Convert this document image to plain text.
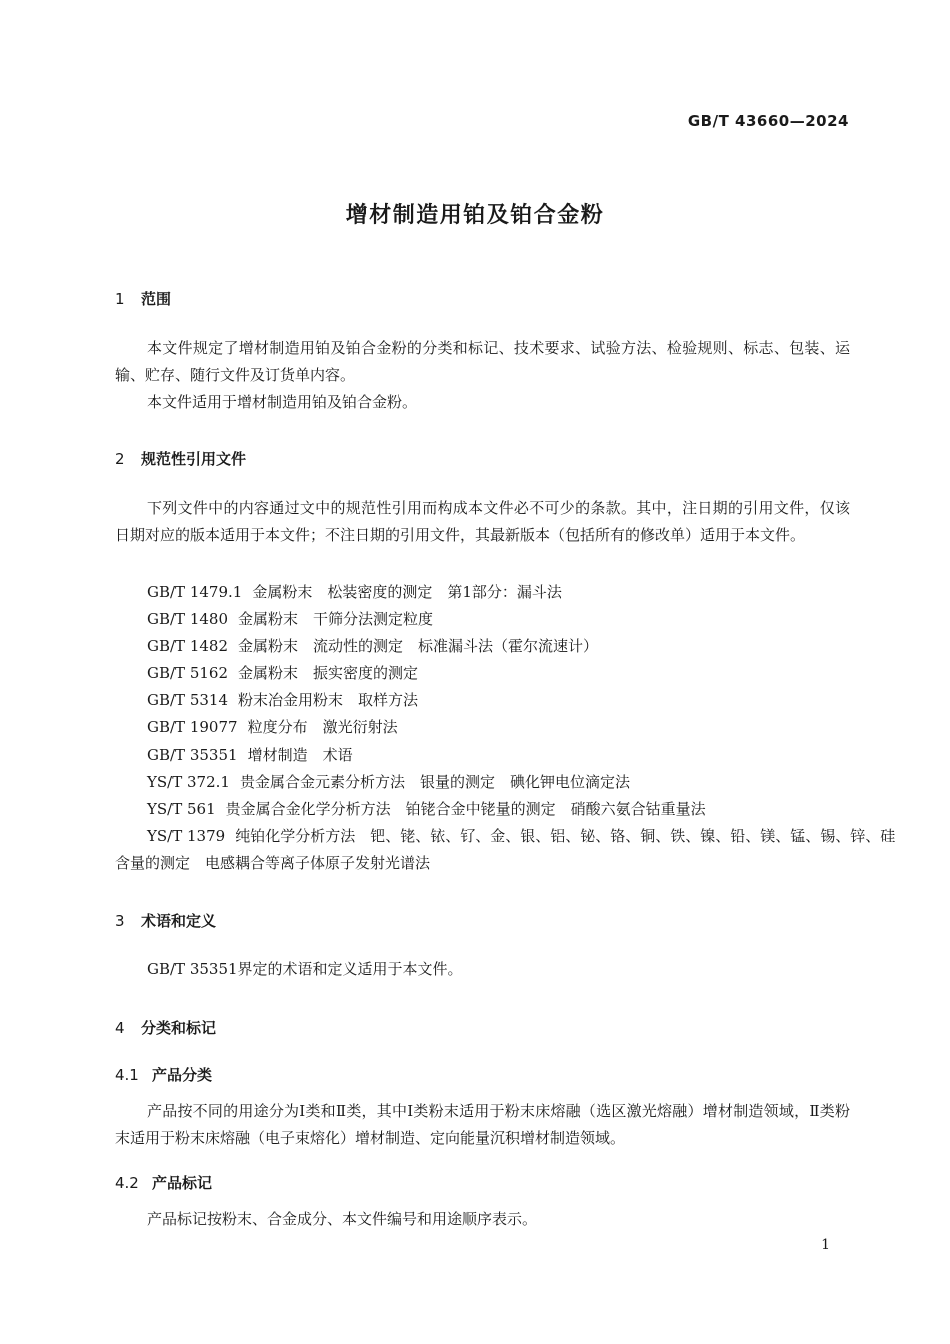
GB/T 43660—2024
增材制造用铂及铂合金粉
1 范围

本文件规定了增材制造用铂及铂合金粉的分类和标记、技术要求、试验方法、检验规则、标志、包装、运输、贮存、随行文件及订货单内容。

本文件适用于增材制造用铂及铂合金粉。

2 规范性引用文件

下列文件中的内容通过文中的规范性引用而构成本文件必不可少的条款。其中，注日期的引用文件，仅该日期对应的版本适用于本文件；不注日期的引用文件，其最新版本（包括所有的修改单）适用于本文件。

GB/T 1479.1 金属粉末　松装密度的测定　第1部分：漏斗法
GB/T 1480 金属粉末　干筛分法测定粒度
GB/T 1482 金属粉末　流动性的测定　标准漏斗法（霍尔流速计）
GB/T 5162 金属粉末　振实密度的测定
GB/T 5314 粉末冶金用粉末　取样方法
GB/T 19077 粒度分布　激光衍射法
GB/T 35351 增材制造　术语
YS/T 372.1 贵金属合金元素分析方法　银量的测定　碘化钾电位滴定法
YS/T 561 贵金属合金化学分析方法　铂铑合金中铑量的测定　硝酸六氨合钴重量法
YS/T 1379 纯铂化学分析方法　钯、铑、铱、钌、金、银、铝、铋、铬、铜、铁、镍、铅、镁、锰、锡、锌、硅
含量的测定　电感耦合等离子体原子发射光谱法
3 术语和定义

GB/T 35351界定的术语和定义适用于本文件。

4 分类和标记
4.1 产品分类

产品按不同的用途分为Ⅰ类和Ⅱ类，其中Ⅰ类粉末适用于粉末床熔融（选区激光熔融）增材制造领域，Ⅱ类粉末适用于粉末床熔融（电子束熔化）增材制造、定向能量沉积增材制造领域。

4.2 产品标记

产品标记按粉末、合金成分、本文件编号和用途顺序表示。

1
